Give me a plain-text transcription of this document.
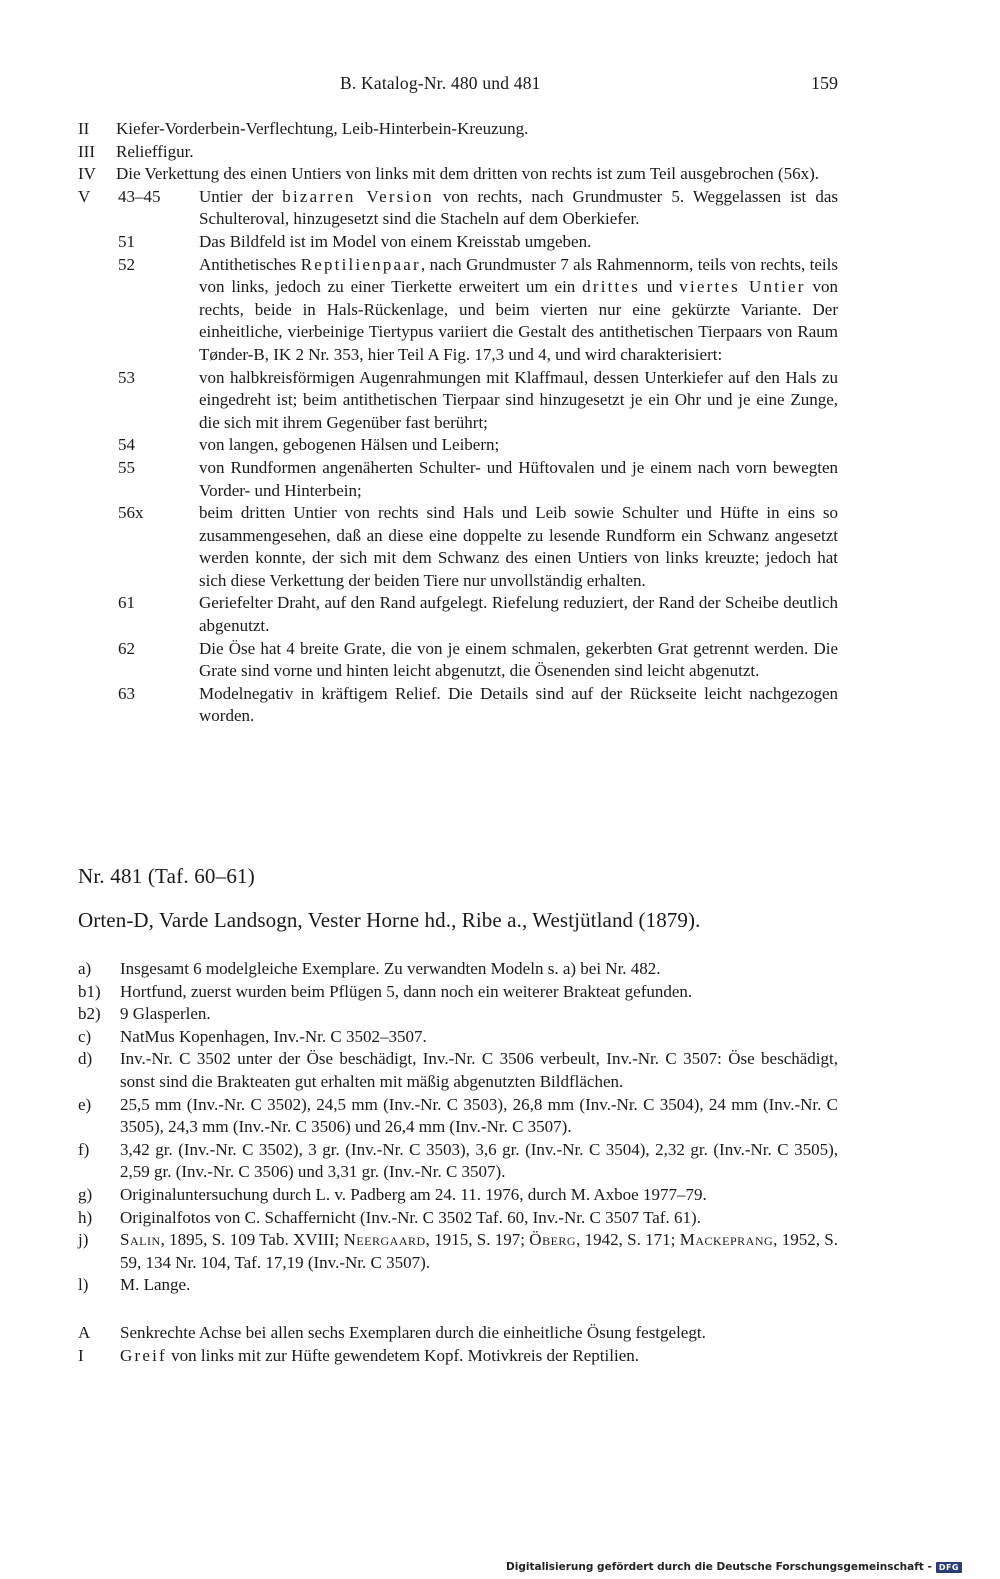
B. Katalog-Nr. 480 und 481	159
II Kiefer-Vorderbein-Verflechtung, Leib-Hinterbein-Kreuzung.
III Relieffigur.
IV Die Verkettung des einen Untiers von links mit dem dritten von rechts ist zum Teil ausgebrochen (56x).
V 43–45 Untier der bizarren Version von rechts, nach Grundmuster 5. Weggelassen ist das Schulteroval, hinzugesetzt sind die Stacheln auf dem Oberkiefer.
51	Das Bildfeld ist im Model von einem Kreisstab umgeben.
52	Antithetisches Reptilienpaar, nach Grundmuster 7 als Rahmennorm, teils von rechts, teils von links, jedoch zu einer Tierkette erweitert um ein drittes und viertes Untier von rechts, beide in Hals-Rückenlage, und beim vierten nur eine gekürzte Variante. Der einheitliche, vierbeinige Tiertypus variiert die Gestalt des antithetischen Tierpaars von Raum Tønder-B, IK 2 Nr. 353, hier Teil A Fig. 17,3 und 4, und wird charakterisiert:
53	von halbkreisförmigen Augenrahmungen mit Klaffmaul, dessen Unterkiefer auf den Hals zu eingedreht ist; beim antithetischen Tierpaar sind hinzugesetzt je ein Ohr und je eine Zunge, die sich mit ihrem Gegenüber fast berührt;
54	von langen, gebogenen Hälsen und Leibern;
55	von Rundformen angenäherten Schulter- und Hüftovalen und je einem nach vorn bewegten Vorder- und Hinterbein;
56x	beim dritten Untier von rechts sind Hals und Leib sowie Schulter und Hüfte in eins so zusammengesehen, daß an diese eine doppelte zu lesende Rundform ein Schwanz angesetzt werden konnte, der sich mit dem Schwanz des einen Untiers von links kreuzte; jedoch hat sich diese Verkettung der beiden Tiere nur unvollständig erhalten.
61	Geriefelter Draht, auf den Rand aufgelegt. Riefelung reduziert, der Rand der Scheibe deutlich abgenutzt.
62	Die Öse hat 4 breite Grate, die von je einem schmalen, gekerbten Grat getrennt werden. Die Grate sind vorne und hinten leicht abgenutzt, die Ösenenden sind leicht abgenutzt.
63	Modelnegativ in kräftigem Relief. Die Details sind auf der Rückseite leicht nachgezogen worden.
Nr. 481 (Taf. 60–61)
Orten-D, Varde Landsogn, Vester Horne hd., Ribe a., Westjütland (1879).
a) Insgesamt 6 modelgleiche Exemplare. Zu verwandten Modeln s. a) bei Nr. 482.
b1) Hortfund, zuerst wurden beim Pflügen 5, dann noch ein weiterer Brakteat gefunden.
b2) 9 Glasperlen.
c) NatMus Kopenhagen, Inv.-Nr. C 3502–3507.
d) Inv.-Nr. C 3502 unter der Öse beschädigt, Inv.-Nr. C 3506 verbeult, Inv.-Nr. C 3507: Öse beschädigt, sonst sind die Brakteaten gut erhalten mit mäßig abgenutzten Bildflächen.
e) 25,5 mm (Inv.-Nr. C 3502), 24,5 mm (Inv.-Nr. C 3503), 26,8 mm (Inv.-Nr. C 3504), 24 mm (Inv.-Nr. C 3505), 24,3 mm (Inv.-Nr. C 3506) und 26,4 mm (Inv.-Nr. C 3507).
f) 3,42 gr. (Inv.-Nr. C 3502), 3 gr. (Inv.-Nr. C 3503), 3,6 gr. (Inv.-Nr. C 3504), 2,32 gr. (Inv.-Nr. C 3505), 2,59 gr. (Inv.-Nr. C 3506) und 3,31 gr. (Inv.-Nr. C 3507).
g) Originaluntersuchung durch L. v. Padberg am 24. 11. 1976, durch M. Axboe 1977–79.
h) Originalfotos von C. Schaffernicht (Inv.-Nr. C 3502 Taf. 60, Inv.-Nr. C 3507 Taf. 61).
j) Salin, 1895, S. 109 Tab. XVIII; Neergaard, 1915, S. 197; Öberg, 1942, S. 171; Mackeprang, 1952, S. 59, 134 Nr. 104, Taf. 17,19 (Inv.-Nr. C 3507).
l) M. Lange.
A Senkrechte Achse bei allen sechs Exemplaren durch die einheitliche Ösung festgelegt.
I Greif von links mit zur Hüfte gewendetem Kopf. Motivkreis der Reptilien.
Digitalisierung gefördert durch die Deutsche Forschungsgemeinschaft - DFG
